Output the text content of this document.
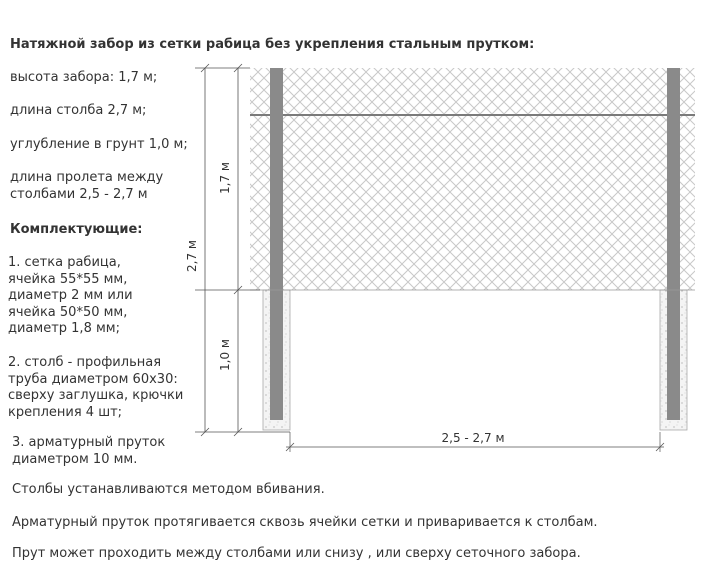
Натяжной забор из сетки рабица без укрепления стальным прутком:
высота забора: 1,7 м;
длина столба 2,7 м;
углубление в грунт 1,0 м;
длина пролета между
столбами 2,5 - 2,7 м
Комплектующие:
1. сетка рабица,
ячейка 55*55 мм,
диаметр 2 мм или
ячейка 50*50 мм,
диаметр 1,8 мм;
2. столб - профильная
труба диаметром 60х30:
сверху заглушка, крючки
крепления 4 шт;
3. арматурный пруток
диаметром 10 мм.
Столбы устанавливаются методом вбивания.
Арматурный пруток протягивается сквозь ячейки сетки и приваривается к столбам.
Прут может проходить между столбами или снизу , или сверху сеточного забора.
2,7 м
1,7 м
1,0 м
2,5 - 2,7 м
